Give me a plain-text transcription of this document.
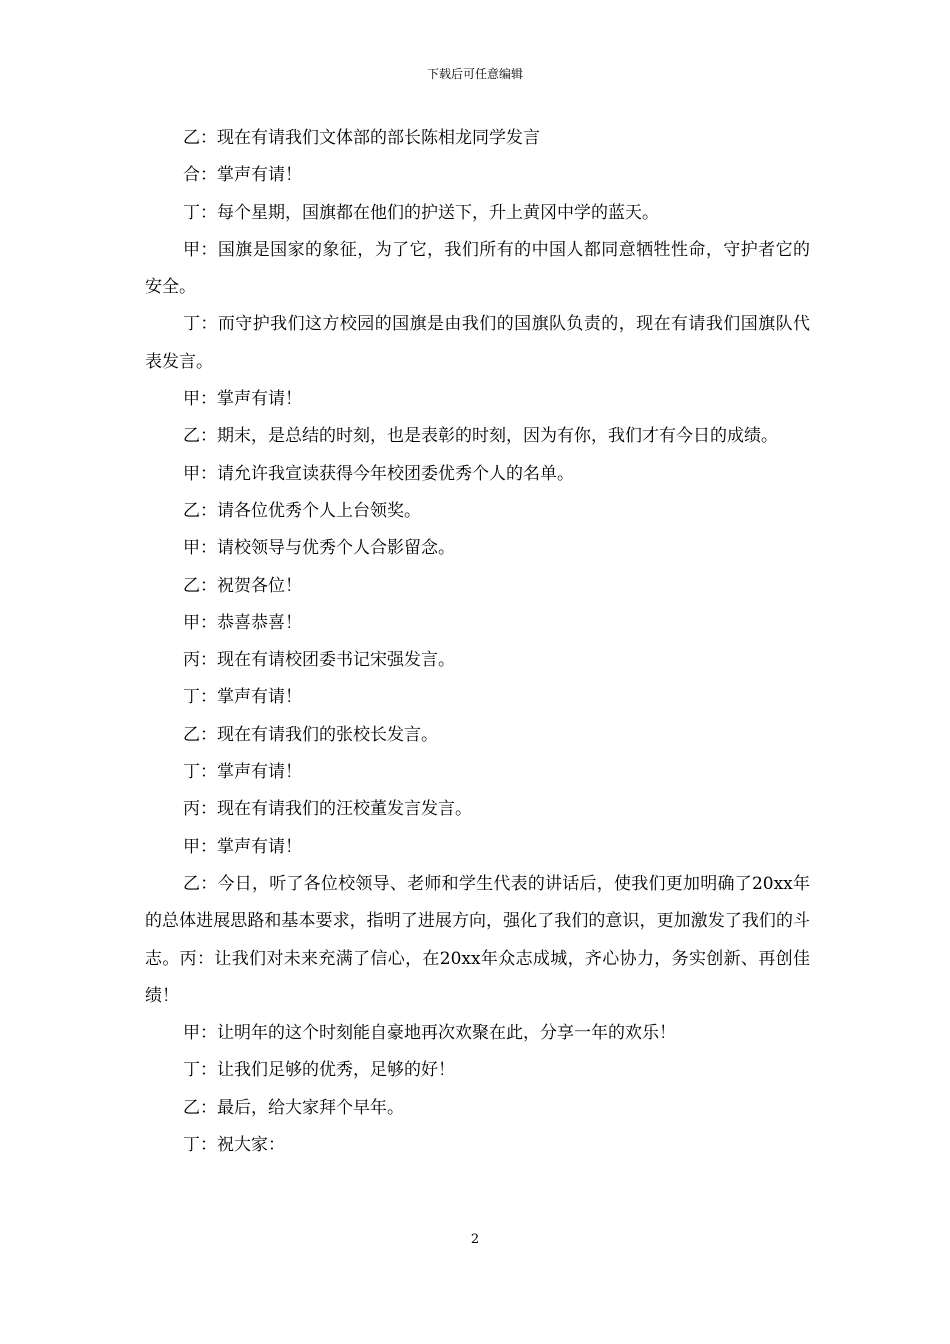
下载后可任意编辑

乙：现在有请我们文体部的部长陈相龙同学发言

合：掌声有请！

丁：每个星期，国旗都在他们的护送下，升上黄冈中学的蓝天。

甲：国旗是国家的象征，为了它，我们所有的中国人都同意牺牲性命，守护者它的安全。

丁：而守护我们这方校园的国旗是由我们的国旗队负责的，现在有请我们国旗队代表发言。

甲：掌声有请！

乙：期末，是总结的时刻，也是表彰的时刻，因为有你，我们才有今日的成绩。

甲：请允许我宣读获得今年校团委优秀个人的名单。

乙：请各位优秀个人上台领奖。

甲：请校领导与优秀个人合影留念。

乙：祝贺各位！

甲：恭喜恭喜！

丙：现在有请校团委书记宋强发言。

丁：掌声有请！

乙：现在有请我们的张校长发言。

丁：掌声有请！

丙：现在有请我们的汪校董发言发言。

甲：掌声有请！

乙：今日，听了各位校领导、老师和学生代表的讲话后，使我们更加明确了20xx年的总体进展思路和基本要求，指明了进展方向，强化了我们的意识，更加激发了我们的斗志。丙：让我们对未来充满了信心，在20xx年众志成城，齐心协力，务实创新、再创佳绩！

甲：让明年的这个时刻能自豪地再次欢聚在此，分享一年的欢乐！

丁：让我们足够的优秀，足够的好！

乙：最后，给大家拜个早年。

丁：祝大家：

2
